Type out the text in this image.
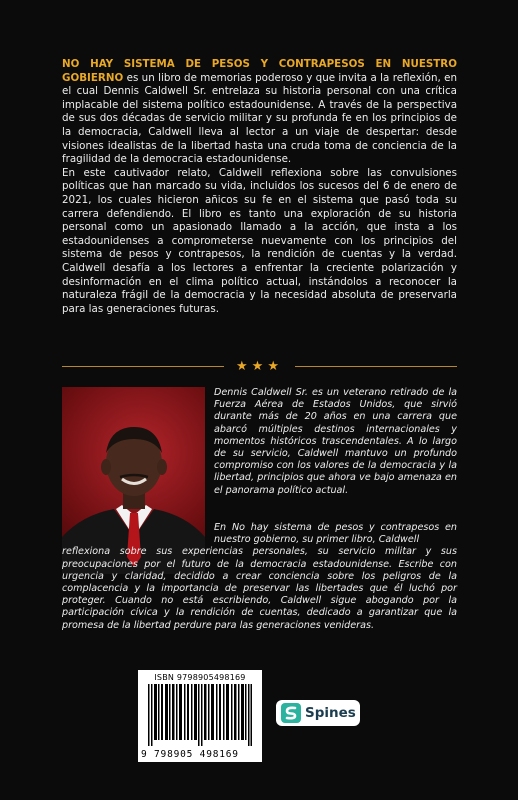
NO HAY SISTEMA DE PESOS Y CONTRAPESOS EN NUESTRO GOBIERNO es un libro de memorias poderoso y que invita a la reflexión, en el cual Dennis Caldwell Sr. entrelaza su historia personal con una crítica implacable del sistema político estadounidense. A través de la perspectiva de sus dos décadas de servicio militar y su profunda fe en los principios de la democracia, Caldwell lleva al lector a un viaje de despertar: desde visiones idealistas de la libertad hasta una cruda toma de conciencia de la fragilidad de la democracia estadounidense.

En este cautivador relato, Caldwell reflexiona sobre las convulsiones políticas que han marcado su vida, incluidos los sucesos del 6 de enero de 2021, los cuales hicieron añicos su fe en el sistema que pasó toda su carrera defendiendo. El libro es tanto una exploración de su historia personal como un apasionado llamado a la acción, que insta a los estadounidenses a comprometerse nuevamente con los principios del sistema de pesos y contrapesos, la rendición de cuentas y la verdad. Caldwell desafía a los lectores a enfrentar la creciente polarización y desinformación en el clima político actual, instándolos a reconocer la naturaleza frágil de la democracia y la necesidad absoluta de preservarla para las generaciones futuras.

★★★

Dennis Caldwell Sr. es un veterano retirado de la Fuerza Aérea de Estados Unidos, que sirvió durante más de 20 años en una carrera que abarcó múltiples destinos internacionales y momentos históricos trascendentales. A lo largo de su servicio, Caldwell mantuvo un profundo compromiso con los valores de la democracia y la libertad, principios que ahora ve bajo amenaza en el panorama político actual.

En No hay sistema de pesos y contrapesos en nuestro gobierno, su primer libro, Caldwell
reflexiona sobre sus experiencias personales, su servicio militar y sus preocupaciones por el futuro de la democracia estadounidense. Escribe con urgencia y claridad, decidido a crear conciencia sobre los peligros de la complacencia y la importancia de preservar las libertades que él luchó por proteger. Cuando no está escribiendo, Caldwell sigue abogando por la participación cívica y la rendición de cuentas, dedicado a garantizar que la promesa de la libertad perdure para las generaciones venideras.
ISBN 9798905498169
9 798905 498169
Spines
